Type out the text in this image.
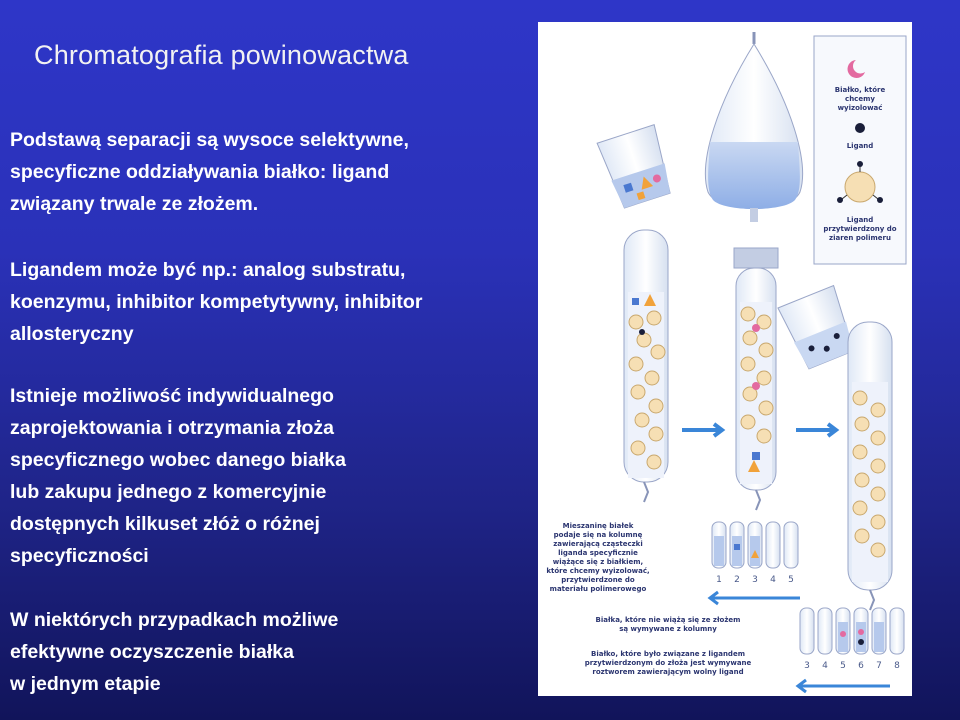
Chromatografia powinowactwa
Podstawą separacji są wysoce selektywne,
specyficzne oddziaływania białko: ligand
związany trwale ze złożem.
Ligandem może być np.: analog substratu,
koenzymu, inhibitor kompetytywny, inhibitor
allosteryczny
Istnieje możliwość indywidualnego
zaprojektowania i otrzymania złoża
specyficznego wobec danego białka
lub zakupu jednego z komercyjnie
dostępnych kilkuset złóż o różnej
specyficzności
W niektórych przypadkach możliwe
efektywne oczyszczenie białka
w jednym etapie
Białko, które
chcemy
wyizolować
Ligand
Ligand
przytwierdzony do
ziaren polimeru
1 2 3 4 5
3 4 5 6 7 8
Mieszaninę białek
podaje się na kolumnę
zawierającą cząsteczki
liganda specyficznie
wiążące się z białkiem,
które chcemy wyizolować,
przytwierdzone do
materiału polimerowego
Białka, które nie wiążą się ze złożem
są wymywane z kolumny
Białko, które było związane z ligandem
przytwierdzonym do złoża jest wymywane
roztworem zawierającym wolny ligand
